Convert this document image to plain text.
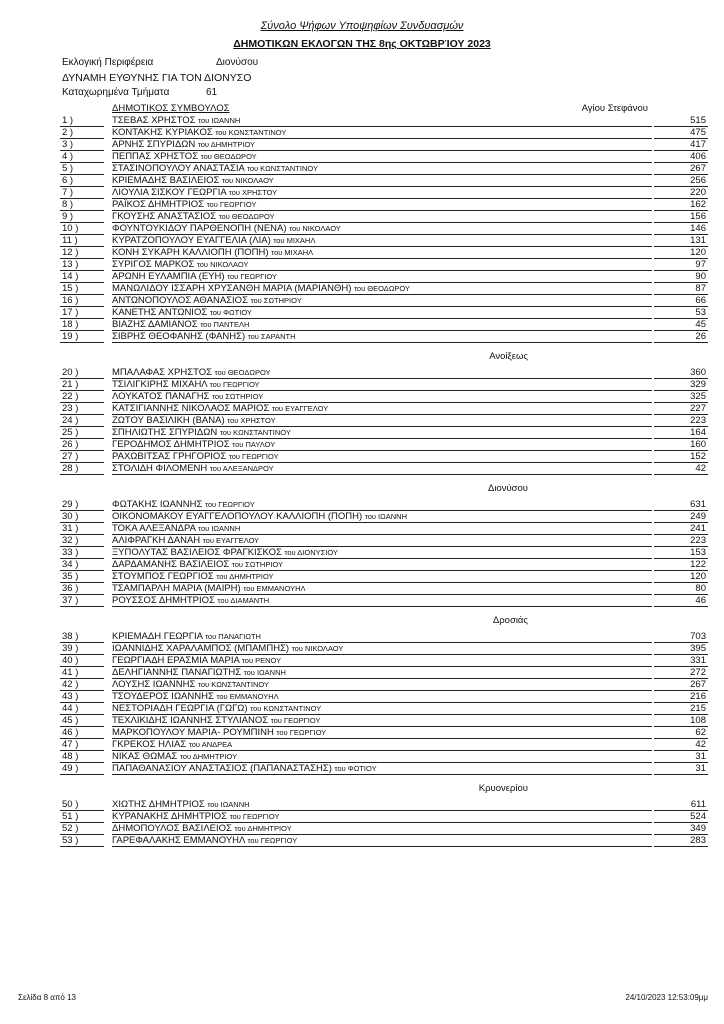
Σύνολο Ψήφων Υποψηφίων Συνδυασμών
ΔΗΜΟΤΙΚΩΝ ΕΚΛΟΓΩΝ ΤΗΣ 8ης ΟΚΤΩΒΡΊΟΥ 2023
Εκλογική Περιφέρεια	Διονύσου
ΔΥΝΑΜΗ ΕΥΘΥΝΗΣ ΓΙΑ ΤΟΝ ΔΙΟΝΥΣΟ
Καταχωρημένα Τμήματα	61
ΔΗΜΟΤΙΚΟΣ ΣΥΜΒΟΥΛΟΣ	Αγίου Στεφάνου
1 )	ΤΣΕΒΑΣ ΧΡΗΣΤΟΣ του ΙΩΑΝΝΗ	515
2 )	ΚΟΝΤΑΚΗΣ ΚΥΡΙΑΚΟΣ του ΚΩΝΣΤΑΝΤΙΝΟΥ	475
3 )	ΑΡΝΗΣ ΣΠΥΡΙΔΩΝ του ΔΗΜΗΤΡΙΟΥ	417
4 )	ΠΕΠΠΑΣ ΧΡΗΣΤΟΣ του ΘΕΟΔΩΡΟΥ	406
5 )	ΣΤΑΣΙΝΟΠΟΥΛΟΥ ΑΝΑΣΤΑΣΙΑ του ΚΩΝΣΤΑΝΤΙΝΟΥ	267
6 )	ΚΡΙΕΜΑΔΗΣ ΒΑΣΙΛΕΙΟΣ του ΝΙΚΟΛΑΟΥ	256
7 )	ΛΙΟΥΛΙΑ ΣΙΣΚΟΥ ΓΕΩΡΓΙΑ του ΧΡΗΣΤΟΥ	220
8 )	ΡΑΪΚΟΣ ΔΗΜΗΤΡΙΟΣ του ΓΕΩΡΓΙΟΥ	162
9 )	ΓΚΟΥΣΗΣ ΑΝΑΣΤΑΣΙΟΣ του ΘΕΟΔΩΡΟΥ	156
10 )	ΦΟΥΝΤΟΥΚΙΔΟΥ ΠΑΡΘΕΝΟΠΗ (ΝΕΝΑ) του ΝΙΚΟΛΑΟΥ	146
11 )	ΚΥΡΑΤΖΟΠΟΥΛΟΥ ΕΥΑΓΓΕΛΙΑ (ΛΙΑ) του ΜΙΧΑΗΛ	131
12 )	ΚΟΝΗ ΣΥΚΑΡΗ ΚΑΛΛΙΟΠΗ (ΠΟΠΗ) του ΜΙΧΑΗΛ	120
13 )	ΣΥΡΙΓΟΣ ΜΑΡΚΟΣ του ΝΙΚΟΛΑΟΥ	97
14 )	ΑΡΩΝΗ ΕΥΛΑΜΠΙΑ (ΕΥΗ) του ΓΕΩΡΓΙΟΥ	90
15 )	ΜΑΝΩΛΙΔΟΥ ΙΣΣΑΡΗ ΧΡΥΣΑΝΘΗ ΜΑΡΙΑ (ΜΑΡΙΑΝΘΗ) του ΘΕΟΔΩΡΟΥ	87
16 )	ΑΝΤΩΝΟΠΟΥΛΟΣ ΑΘΑΝΑΣΙΟΣ του ΣΩΤΗΡΙΟΥ	66
17 )	ΚΑΝΕΤΗΣ ΑΝΤΩΝΙΟΣ του ΦΩΤΙΟΥ	53
18 )	ΒΙΑΖΗΣ ΔΑΜΙΑΝΟΣ του ΠΑΝΤΕΛΗ	45
19 )	ΣΙΒΡΗΣ ΘΕΟΦΑΝΗΣ (ΦΑΝΗΣ) του ΣΑΡΑΝΤΗ	26
Ανοίξεως
20 )	ΜΠΑΛΑΦΑΣ ΧΡΗΣΤΟΣ του ΘΕΟΔΩΡΟΥ	360
21 )	ΤΣΙΛΙΓΚΙΡΗΣ ΜΙΧΑΗΛ του ΓΕΩΡΓΙΟΥ	329
22 )	ΛΟΥΚΑΤΟΣ ΠΑΝΑΓΗΣ του ΣΩΤΗΡΙΟΥ	325
23 )	ΚΑΤΣΙΓΙΑΝΝΗΣ ΝΙΚΟΛΑΟΣ ΜΑΡΙΟΣ του ΕΥΑΓΓΕΛΟΥ	227
24 )	ΖΩΤΟΥ ΒΑΣΙΛΙΚΗ (ΒΑΝΑ) του ΧΡΗΣΤΟΥ	223
25 )	ΣΠΗΛΙΩΤΗΣ ΣΠΥΡΙΔΩΝ του ΚΩΝΣΤΑΝΤΙΝΟΥ	164
26 )	ΓΕΡΟΔΗΜΟΣ ΔΗΜΗΤΡΙΟΣ του ΠΑΥΛΟΥ	160
27 )	ΡΑΧΩΒΙΤΣΑΣ ΓΡΗΓΟΡΙΟΣ του ΓΕΩΡΓΙΟΥ	152
28 )	ΣΤΟΛΙΔΗ ΦΙΛΟΜΕΝΗ του ΑΛΕΞΑΝΔΡΟΥ	42
Διονύσου
29 )	ΦΩΤΑΚΗΣ ΙΩΑΝΝΗΣ του ΓΕΩΡΓΙΟΥ	631
30 )	ΟΙΚΟΝΟΜΑΚΟΥ ΕΥΑΓΓΕΛΟΠΟΥΛΟΥ ΚΑΛΛΙΟΠΗ (ΠΟΠΗ) του ΙΩΑΝΝΗ	249
31 )	ΤΟΚΑ ΑΛΕΞΑΝΔΡΑ του ΙΩΑΝΝΗ	241
32 )	ΑΛΙΦΡΑΓΚΗ ΔΑΝΑΗ του ΕΥΑΓΓΕΛΟΥ	223
33 )	ΞΥΠΟΛΥΤΑΣ ΒΑΣΙΛΕΙΟΣ ΦΡΑΓΚΙΣΚΟΣ του ΔΙΟΝΥΣΙΟΥ	153
34 )	ΔΑΡΔΑΜΑΝΗΣ ΒΑΣΙΛΕΙΟΣ του ΣΩΤΗΡΙΟΥ	122
35 )	ΣΤΟΥΜΠΟΣ ΓΕΩΡΓΙΟΣ του ΔΗΜΗΤΡΙΟΥ	120
36 )	ΤΣΑΜΠΑΡΛΗ ΜΑΡΙΑ (ΜΑΙΡΗ) του ΕΜΜΑΝΟΥΗΛ	80
37 )	ΡΟΥΣΣΟΣ ΔΗΜΗΤΡΙΟΣ του ΔΙΑΜΑΝΤΗ	46
Δροσιάς
38 )	ΚΡΙΕΜΑΔΗ ΓΕΩΡΓΙΑ του ΠΑΝΑΓΙΩΤΗ	703
39 )	ΙΩΑΝΝΙΔΗΣ ΧΑΡΑΛΑΜΠΟΣ (ΜΠΑΜΠΗΣ) του ΝΙΚΟΛΑΟΥ	395
40 )	ΓΕΩΡΓΙΑΔΗ ΕΡΑΣΜΙΑ ΜΑΡΙΑ του ΡΕΝΟΥ	331
41 )	ΔΕΛΗΓΙΑΝΝΗΣ ΠΑΝΑΓΙΩΤΗΣ του ΙΩΑΝΝΗ	272
42 )	ΛΟΥΣΗΣ ΙΩΑΝΝΗΣ του ΚΩΝΣΤΑΝΤΙΝΟΥ	267
43 )	ΤΣΟΥΔΕΡΟΣ ΙΩΑΝΝΗΣ του ΕΜΜΑΝΟΥΗΛ	216
44 )	ΝΕΣΤΟΡΙΑΔΗ ΓΕΩΡΓΙΑ (ΓΩΓΩ) του ΚΩΝΣΤΑΝΤΙΝΟΥ	215
45 )	ΤΕΧΛΙΚΙΔΗΣ ΙΩΑΝΝΗΣ ΣΤΥΛΙΑΝΟΣ του ΓΕΩΡΓΙΟΥ	108
46 )	ΜΑΡΚΟΠΟΥΛΟΥ ΜΑΡΙΑ- ΡΟΥΜΠΙΝΗ του ΓΕΩΡΓΙΟΥ	62
47 )	ΓΚΡΕΚΟΣ ΗΛΙΑΣ του ΑΝΔΡΕΑ	42
48 )	ΝΙΚΑΣ ΘΩΜΑΣ του ΔΗΜΗΤΡΙΟΥ	31
49 )	ΠΑΠΑΘΑΝΑΣΙΟΥ ΑΝΑΣΤΑΣΙΟΣ (ΠΑΠΑΝΑΣΤΑΣΗΣ) του ΦΩΤΙΟΥ	31
Κρυονερίου
50 )	ΧΙΩΤΗΣ ΔΗΜΗΤΡΙΟΣ του ΙΩΑΝΝΗ	611
51 )	ΚΥΡΑΝΑΚΗΣ ΔΗΜΗΤΡΙΟΣ του ΓΕΩΡΓΙΟΥ	524
52 )	ΔΗΜΟΠΟΥΛΟΣ ΒΑΣΙΛΕΙΟΣ του ΔΗΜΗΤΡΙΟΥ	349
53 )	ΓΑΡΕΦΑΛΑΚΗΣ ΕΜΜΑΝΟΥΗΛ του ΓΕΩΡΓΙΟΥ	283
Σελίδα 8 από 13	24/10/2023 12:53:09μμ
